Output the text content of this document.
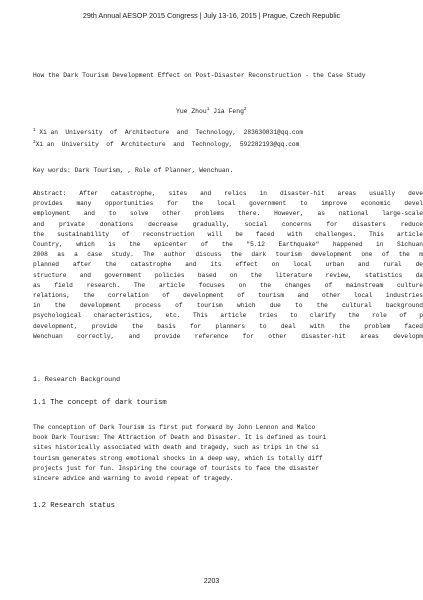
29th Annual AESOP 2015 Congress | July 13-16, 2015 | Prague, Czech Republic
How the Dark Tourism Development Effect on Post-Disaster Reconstruction - the Case Study
Yue Zhou$^1$ Jia Feng$^2$
$^1$ Xi an  University  of  Architecture  and  Technology,  283630831@qq.com
$^2$Xi an  University  of  Architecture  and  Technology,  592282193@qq.com
Key words: Dark Tourism, , Role of Planner, Wenchuan.
Abstract: After catastrophe, sites and relics in disaster-hit areas usually deve
provides many opportunities for the local government to improve economic devel
employment and to solve other problems there. However, as national large-scale
and private donations decrease gradually, social concerns for disasters reduce
the sustainability of reconstruction will be faced with challenges. This article
Country, which is the epicenter of the "5.12 Earthquake" happened in Sichuan
2008 as a case study. The author discuss the dark tourism development one of the m
planned after the catastrophe and its effect on local urban and rural de
structure and government policies based on the literature review, statistics da
as field research. The article focuses on the changes of mainstream culture
relations, the correlation of development of tourism and other local industries
in the development process of tourism which due to the cultural background
psychological characteristics, etc. This article tries to clarify the role of p
development, provide the basis for planners to deal with the problem faced
Wenchuan correctly, and provide reference for other disaster-hit areas developm
1. Research Background
1.1 The concept of dark tourism
The conception of Dark Tourism is first put forward by John Lennon and Malco
book Dark Tourism: The Attraction of Death and Disaster. It is defined as touri
sites historically associated with death and tragedy, such as trips in the si
tourism generates strong emotional shocks in a deep way, which is totally diff
projects just for fun. Inspiring the courage of tourists to face the disaster
sincere advice and warning to avoid repeat of tragedy.
1.2 Research status
2203
